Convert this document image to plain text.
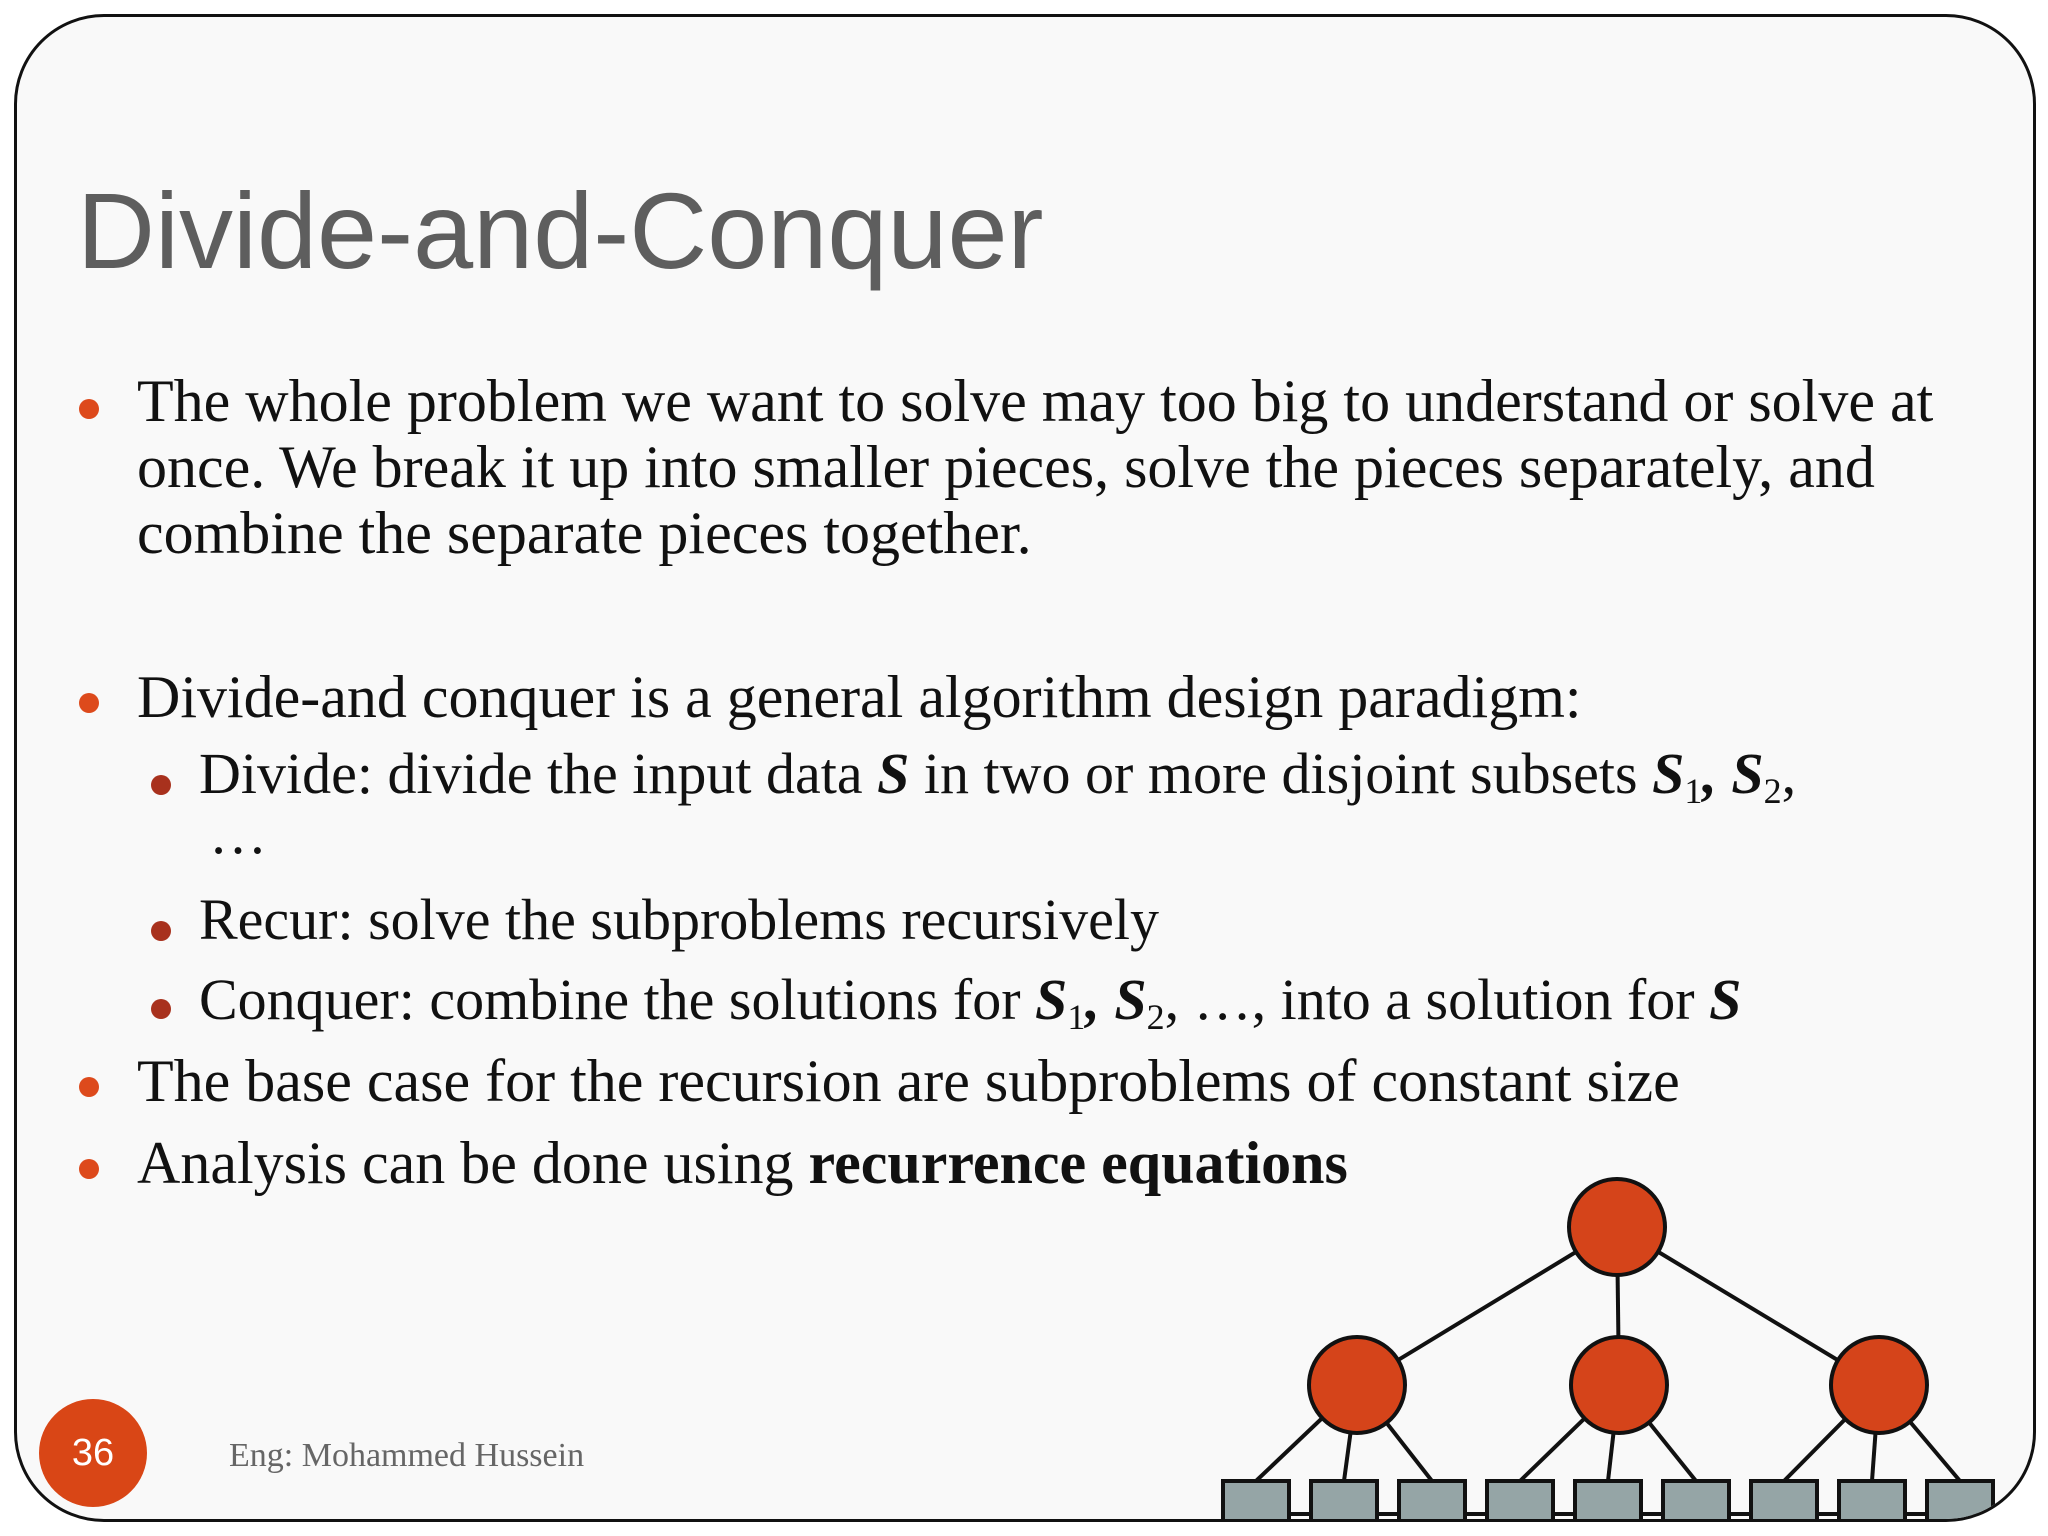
Divide-and-Conquer
The whole problem we want to solve may too big to understand or solve at
once. We break it up into smaller pieces, solve the pieces separately, and
combine the separate pieces together.
Divide-and conquer is a general algorithm design paradigm:
Divide: divide the input data S in two or more disjoint subsets $S_1$, $S_2$,
…
Recur: solve the subproblems recursively
Conquer: combine the solutions for $S_1$, $S_2$, …, into a solution for S
The base case for the recursion are subproblems of constant size
Analysis can be done using recurrence equations
36	Eng: Mohammed Hussein
